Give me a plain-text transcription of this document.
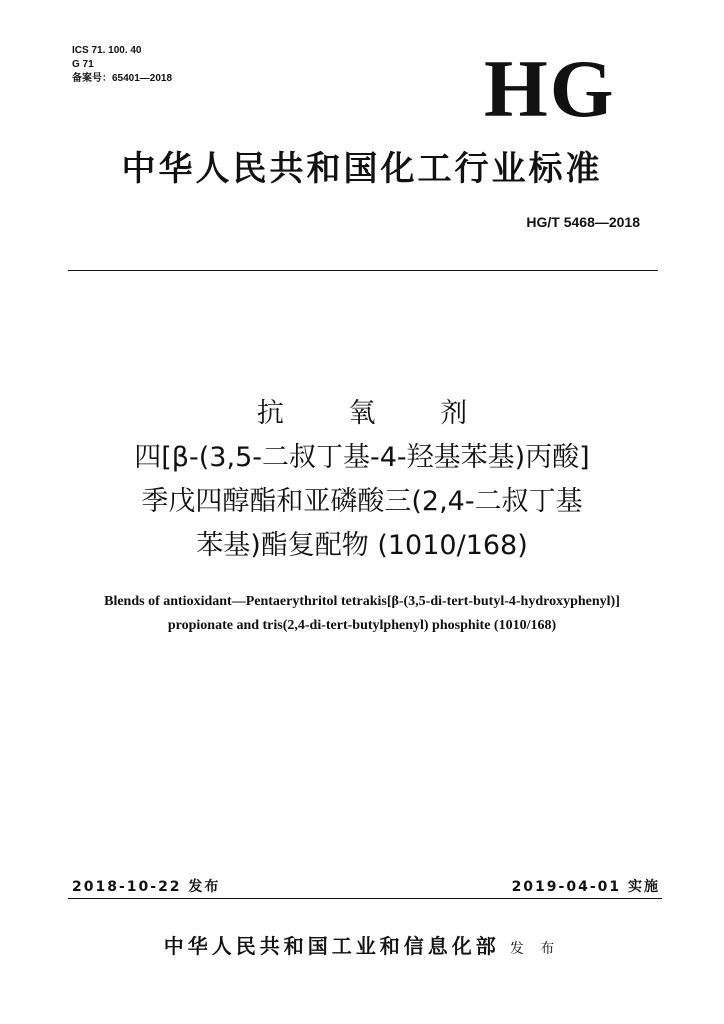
ICS 71. 100. 40
G 71
备案号：65401—2018	HG
中华人民共和国化工行业标准
HG/T 5468—2018
抗 氧 剂
四[β-(3,5-二叔丁基-4-羟基苯基)丙酸]
季戊四醇酯和亚磷酸三(2,4-二叔丁基
苯基)酯复配物 (1010/168)
Blends of antioxidant—Pentaerythritol tetrakis[β-(3,5-di-tert-butyl-4-hydroxyphenyl)]
propionate and tris(2,4-di-tert-butylphenyl) phosphite (1010/168)
2018-10-22 发布	2019-04-01 实施
中华人民共和国工业和信息化部 发 布
